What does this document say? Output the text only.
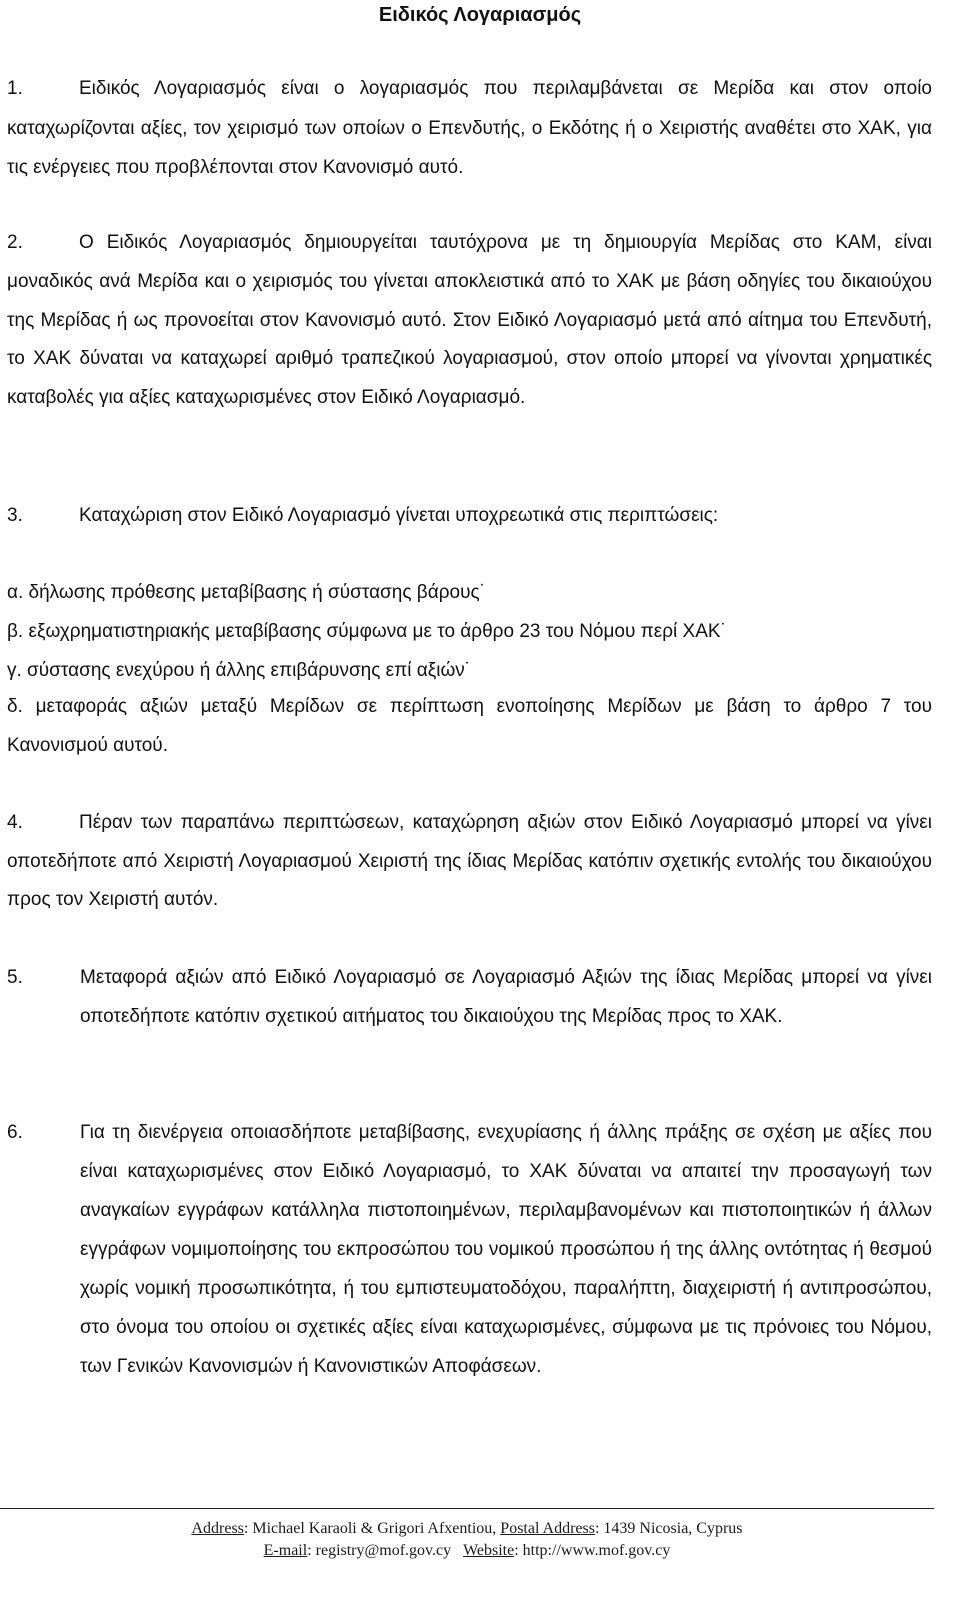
Ειδικός Λογαριασμός
1.	Ειδικός Λογαριασμός είναι ο λογαριασμός που περιλαμβάνεται σε Μερίδα και στον οποίο καταχωρίζονται αξίες, τον χειρισμό των οποίων ο Επενδυτής, ο Εκδότης ή ο Χειριστής αναθέτει στο ΧΑΚ, για τις ενέργειες που προβλέπονται στον Κανονισμό αυτό.
2.	Ο Ειδικός Λογαριασμός δημιουργείται ταυτόχρονα με τη δημιουργία Μερίδας στο ΚΑΜ, είναι μοναδικός ανά Μερίδα και ο χειρισμός του γίνεται αποκλειστικά από το ΧΑΚ με βάση οδηγίες του δικαιούχου της Μερίδας ή ως προνοείται στον Κανονισμό αυτό. Στον Ειδικό Λογαριασμό μετά από αίτημα του Επενδυτή, το ΧΑΚ δύναται να καταχωρεί αριθμό τραπεζικού λογαριασμού, στον οποίο μπορεί να γίνονται χρηματικές καταβολές για αξίες καταχωρισμένες στον Ειδικό Λογαριασμό.
3.	Καταχώριση στον Ειδικό Λογαριασμό γίνεται υποχρεωτικά στις περιπτώσεις:
α. δήλωσης πρόθεσης μεταβίβασης ή σύστασης βάρους˙
β. εξωχρηματιστηριακής μεταβίβασης σύμφωνα με το άρθρο 23 του Νόμου περί ΧΑΚ˙
γ. σύστασης ενεχύρου ή άλλης επιβάρυνσης επί αξιών˙
δ. μεταφοράς αξιών μεταξύ Μερίδων σε περίπτωση ενοποίησης Μερίδων με βάση το άρθρο 7 του Κανονισμού αυτού.
4.	Πέραν των παραπάνω περιπτώσεων, καταχώρηση αξιών στον Ειδικό Λογαριασμό μπορεί να γίνει οποτεδήποτε από Χειριστή Λογαριασμού Χειριστή της ίδιας Μερίδας κατόπιν σχετικής εντολής του δικαιούχου προς τον Χειριστή αυτόν.
5.	Μεταφορά αξιών από Ειδικό Λογαριασμό σε Λογαριασμό Αξιών της ίδιας Μερίδας μπορεί να γίνει οποτεδήποτε κατόπιν σχετικού αιτήματος του δικαιούχου της Μερίδας προς το ΧΑΚ.
6.	Για τη διενέργεια οποιασδήποτε μεταβίβασης, ενεχυρίασης ή άλλης πράξης σε σχέση με αξίες που είναι καταχωρισμένες στον Ειδικό Λογαριασμό, το ΧΑΚ δύναται να απαιτεί την προσαγωγή των αναγκαίων εγγράφων κατάλληλα πιστοποιημένων, περιλαμβανομένων και πιστοποιητικών ή άλλων εγγράφων νομιμοποίησης του εκπροσώπου του νομικού προσώπου ή της άλλης οντότητας ή θεσμού χωρίς νομική προσωπικότητα, ή του εμπιστευματοδόχου, παραλήπτη, διαχειριστή ή αντιπροσώπου, στο όνομα του οποίου οι σχετικές αξίες είναι καταχωρισμένες, σύμφωνα με τις πρόνοιες του Νόμου, των Γενικών Κανονισμών ή Κανονιστικών Αποφάσεων.
Address: Michael Karaoli & Grigori Afxentiou, Postal Address: 1439 Nicosia, Cyprus
E-mail: registry@mof.gov.cy Website: http://www.mof.gov.cy
